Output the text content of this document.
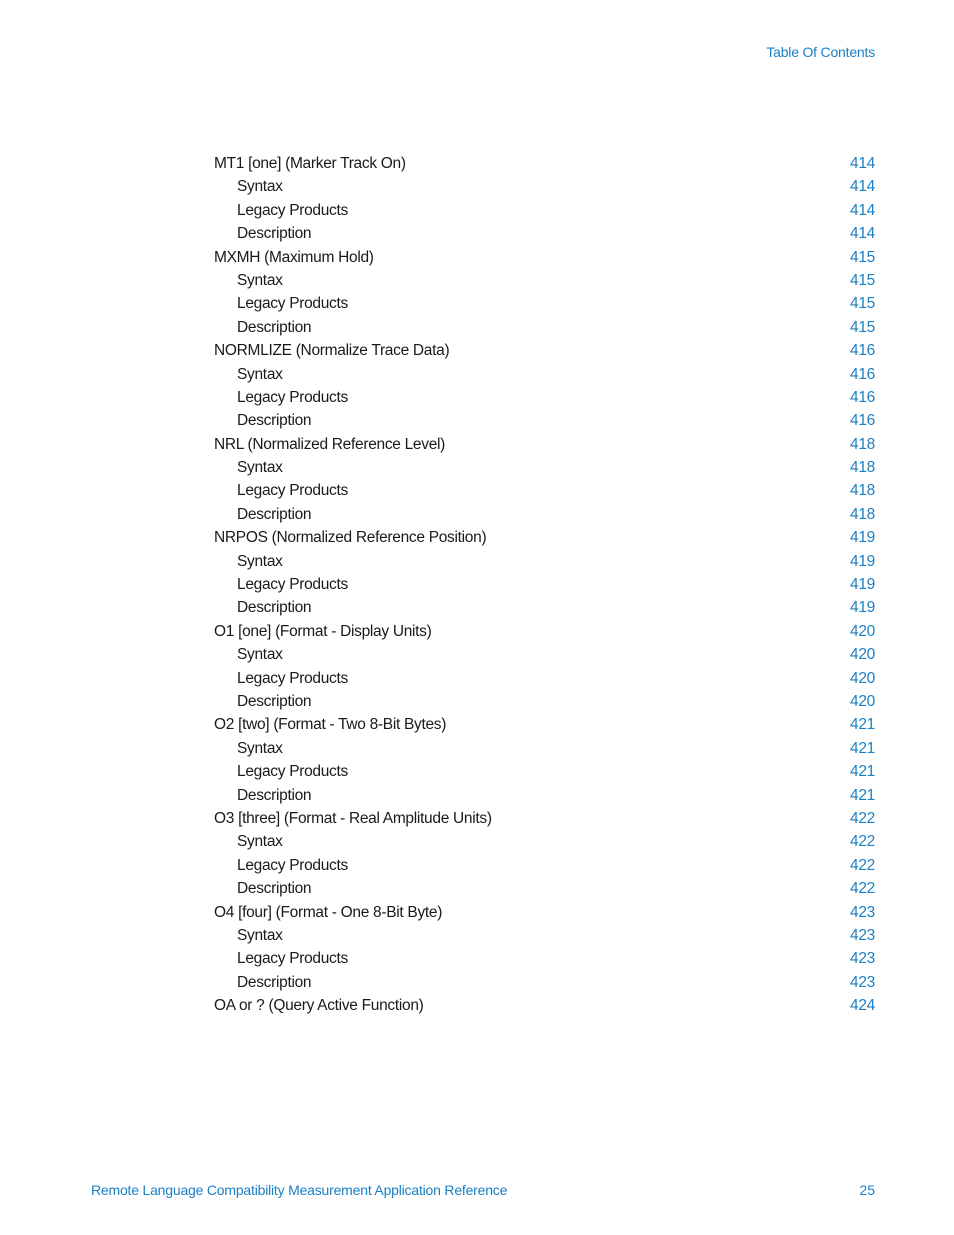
Table Of Contents
MT1 [one] (Marker Track On)	414
Syntax	414
Legacy Products	414
Description	414
MXMH (Maximum Hold)	415
Syntax	415
Legacy Products	415
Description	415
NORMLIZE (Normalize Trace Data)	416
Syntax	416
Legacy Products	416
Description	416
NRL (Normalized Reference Level)	418
Syntax	418
Legacy Products	418
Description	418
NRPOS (Normalized Reference Position)	419
Syntax	419
Legacy Products	419
Description	419
O1 [one] (Format - Display Units)	420
Syntax	420
Legacy Products	420
Description	420
O2 [two] (Format - Two 8-Bit Bytes)	421
Syntax	421
Legacy Products	421
Description	421
O3 [three] (Format - Real Amplitude Units)	422
Syntax	422
Legacy Products	422
Description	422
O4 [four] (Format - One 8-Bit Byte)	423
Syntax	423
Legacy Products	423
Description	423
OA or ? (Query Active Function)	424
Remote Language Compatibility Measurement Application Reference	25
